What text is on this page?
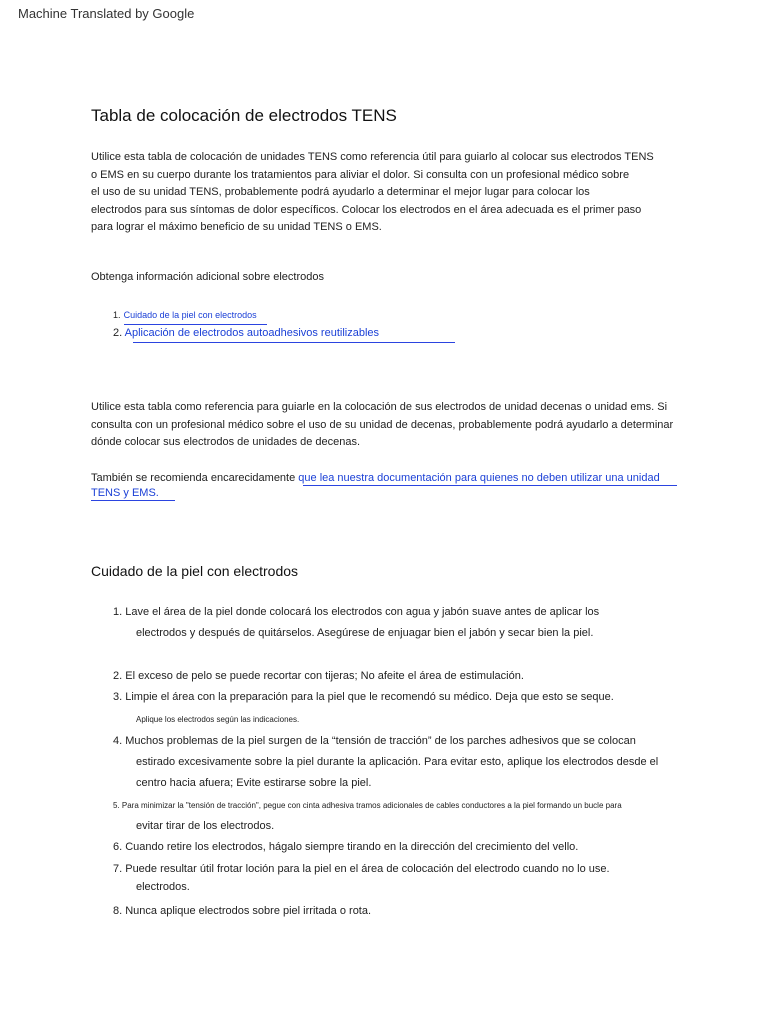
Machine Translated by Google
Tabla de colocación de electrodos TENS
Utilice esta tabla de colocación de unidades TENS como referencia útil para guiarlo al colocar sus electrodos TENS
o EMS en su cuerpo durante los tratamientos para aliviar el dolor. Si consulta con un profesional médico sobre
el uso de su unidad TENS, probablemente podrá ayudarlo a determinar el mejor lugar para colocar los
electrodos para sus síntomas de dolor específicos. Colocar los electrodos en el área adecuada es el primer paso
para lograr el máximo beneficio de su unidad TENS o EMS.
Obtenga información adicional sobre electrodos
1. Cuidado de la piel con electrodos
2. Aplicación de electrodos autoadhesivos reutilizables
Utilice esta tabla como referencia para guiarle en la colocación de sus electrodos de unidad decenas o unidad ems. Si
consulta con un profesional médico sobre el uso de su unidad de decenas, probablemente podrá ayudarlo a determinar
dónde colocar sus electrodos de unidades de decenas.
También se recomienda encarecidamente que lea nuestra documentación para quienes no deben utilizar una unidad
TENS y EMS.
Cuidado de la piel con electrodos
1. Lave el área de la piel donde colocará los electrodos con agua y jabón suave antes de aplicar los
electrodos y después de quitárselos. Asegúrese de enjuagar bien el jabón y secar bien la piel.
2. El exceso de pelo se puede recortar con tijeras; No afeite el área de estimulación.
3. Limpie el área con la preparación para la piel que le recomendó su médico. Deja que esto se seque.
Aplique los electrodos según las indicaciones.
4. Muchos problemas de la piel surgen de la “tensión de tracción” de los parches adhesivos que se colocan
estirado excesivamente sobre la piel durante la aplicación. Para evitar esto, aplique los electrodos desde el
centro hacia afuera; Evite estirarse sobre la piel.
5. Para minimizar la "tensión de tracción", pegue con cinta adhesiva tramos adicionales de cables conductores a la piel formando un bucle para
evitar tirar de los electrodos.
6. Cuando retire los electrodos, hágalo siempre tirando en la dirección del crecimiento del vello.
7. Puede resultar útil frotar loción para la piel en el área de colocación del electrodo cuando no lo use.
electrodos.
8. Nunca aplique electrodos sobre piel irritada o rota.
